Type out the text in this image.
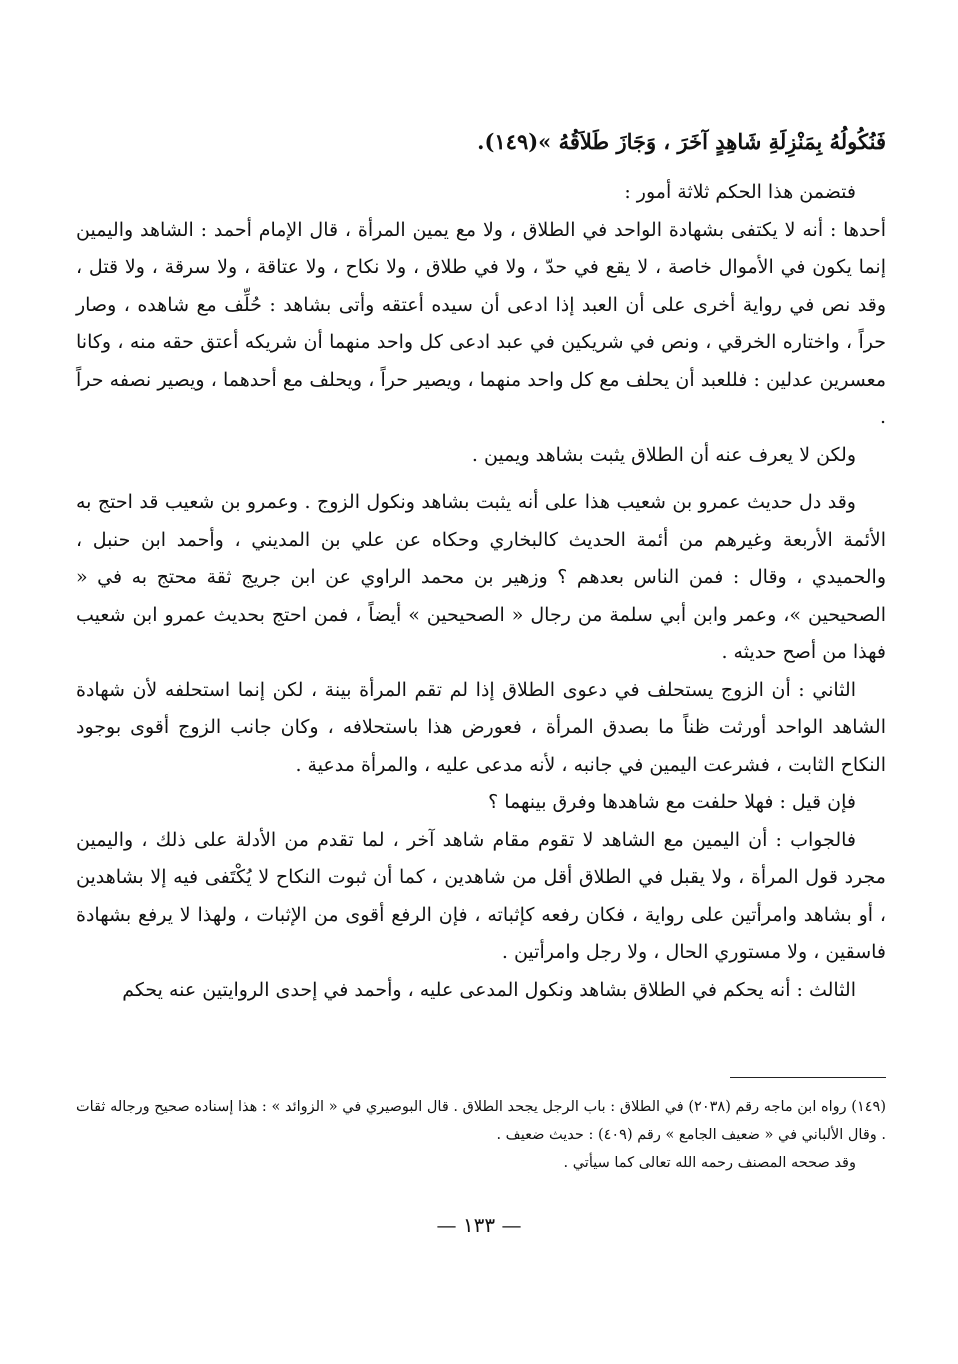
فَنُكُولُهُ بِمَنْزِلَةِ شَاهِدٍ آخَرَ ، وَجَازَ طَلاَقُهُ »(١٤٩).

فتضمن هذا الحكم ثلاثة أمور :

أحدها : أنه لا يكتفى بشهادة الواحد في الطلاق ، ولا مع يمين المرأة ، قال الإمام أحمد : الشاهد واليمين إنما يكون في الأموال خاصة ، لا يقع في حدّ ، ولا في طلاق ، ولا نكاح ، ولا عتاقة ، ولا سرقة ، ولا قتل ، وقد نص في رواية أخرى على أن العبد إذا ادعى أن سيده أعتقه وأتى بشاهد : حُلِّف مع شاهده ، وصار حراً ، واختاره الخرقي ، ونص في شريكين في عبد ادعى كل واحد منهما أن شريكه أعتق حقه منه ، وكانا معسرين عدلين : فللعبد أن يحلف مع كل واحد منهما ، ويصير حراً ، ويحلف مع أحدهما ، ويصير نصفه حراً .

ولكن لا يعرف عنه أن الطلاق يثبت بشاهد ويمين .

وقد دل حديث عمرو بن شعيب هذا على أنه يثبت بشاهد ونكول الزوج . وعمرو بن شعيب قد احتج به الأئمة الأربعة وغيرهم من أئمة الحديث كالبخاري وحكاه عن علي بن المديني ، وأحمد ابن حنبل ، والحميدي ، وقال : فمن الناس بعدهم ؟ وزهير بن محمد الراوي عن ابن جريج ثقة محتج به في « الصحيحين »، وعمر وابن أبي سلمة من رجال « الصحيحين » أيضاً ، فمن احتج بحديث عمرو ابن شعيب فهذا من أصح حديثه .

الثاني : أن الزوج يستحلف في دعوى الطلاق إذا لم تقم المرأة بينة ، لكن إنما استحلفه لأن شهادة الشاهد الواحد أورثت ظناً ما بصدق المرأة ، فعورض هذا باستحلافه ، وكان جانب الزوج أقوى بوجود النكاح الثابت ، فشرعت اليمين في جانبه ، لأنه مدعى عليه ، والمرأة مدعية .

فإن قيل : فهلا حلفت مع شاهدها وفرق بينهما ؟

فالجواب : أن اليمين مع الشاهد لا تقوم مقام شاهد آخر ، لما تقدم من الأدلة على ذلك ، واليمين مجرد قول المرأة ، ولا يقبل في الطلاق أقل من شاهدين ، كما أن ثبوت النكاح لا يُكْتَفى فيه إلا بشاهدين ، أو بشاهد وامرأتين على رواية ، فكان رفعه كإثباته ، فإن الرفع أقوى من الإثبات ، ولهذا لا يرفع بشهادة فاسقين ، ولا مستوري الحال ، ولا رجل وامرأتين .

الثالث : أنه يحكم في الطلاق بشاهد ونكول المدعى عليه ، وأحمد في إحدى الروايتين عنه يحكم

(١٤٩) رواه ابن ماجه رقم (٢٠٣٨) في الطلاق : باب الرجل يجحد الطلاق . قال البوصيري في « الزوائد » : هذا إسناده صحيح ورجاله ثقات . وقال الألباني في « ضعيف الجامع » رقم (٤٠٩) : حديث ضعيف .

وقد صححه المصنف رحمه الله تعالى كما سيأتي .

— ١٣٣ —
